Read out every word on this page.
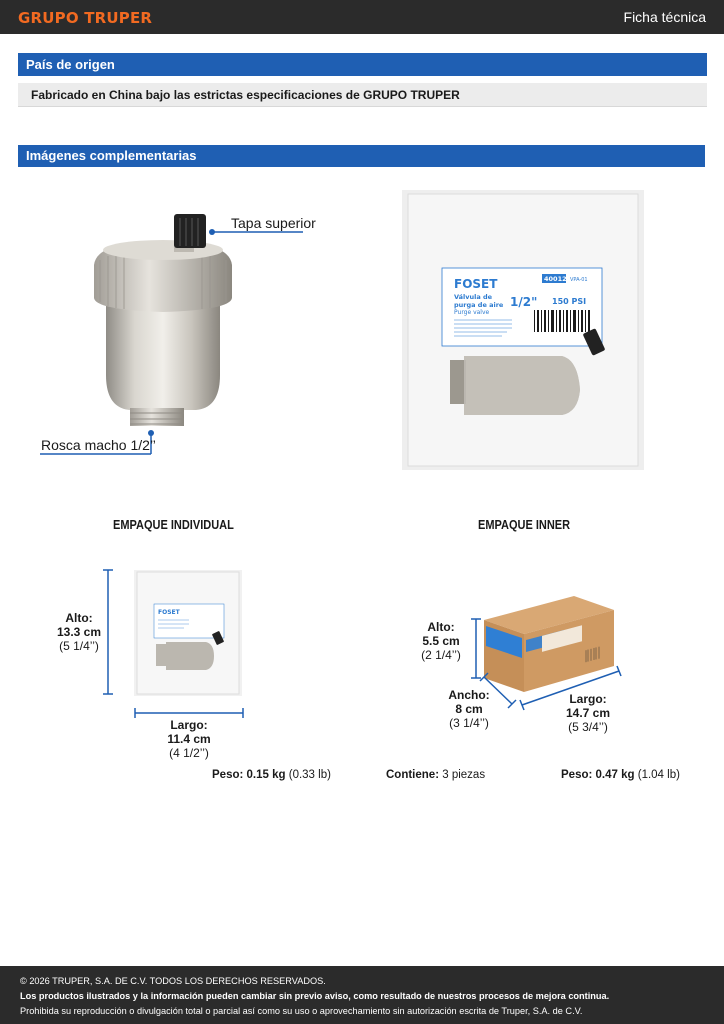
GRUPO TRUPER	Ficha técnica
País de origen
Fabricado en China bajo las estrictas especificaciones de GRUPO TRUPER
Imágenes complementarias
Tapa superior
Rosca macho 1/2’’
FOSET	40012 VPA-01
Válvula de
purga de aire 1/2"
Purge valve
150 PSI
EMPAQUE INDIVIDUAL
FOSET
Alto:
13.3 cm
(5 1/4’’)
Largo:
11.4 cm
(4 1/2’’)
Peso: 0.15 kg (0.33 lb)
EMPAQUE INNER
Alto:
5.5 cm
(2 1/4’’)
Ancho:
8 cm
(3 1/4’’)
Largo:
14.7 cm
(5 3/4’’)
Contiene: 3 piezas	Peso: 0.47 kg (1.04 lb)
© 2026 TRUPER, S.A. DE C.V. TODOS LOS DERECHOS RESERVADOS.
Los productos ilustrados y la información pueden cambiar sin previo aviso, como resultado de nuestros procesos de mejora continua.
Prohibida su reproducción o divulgación total o parcial así como su uso o aprovechamiento sin autorización escrita de Truper, S.A. de C.V.
